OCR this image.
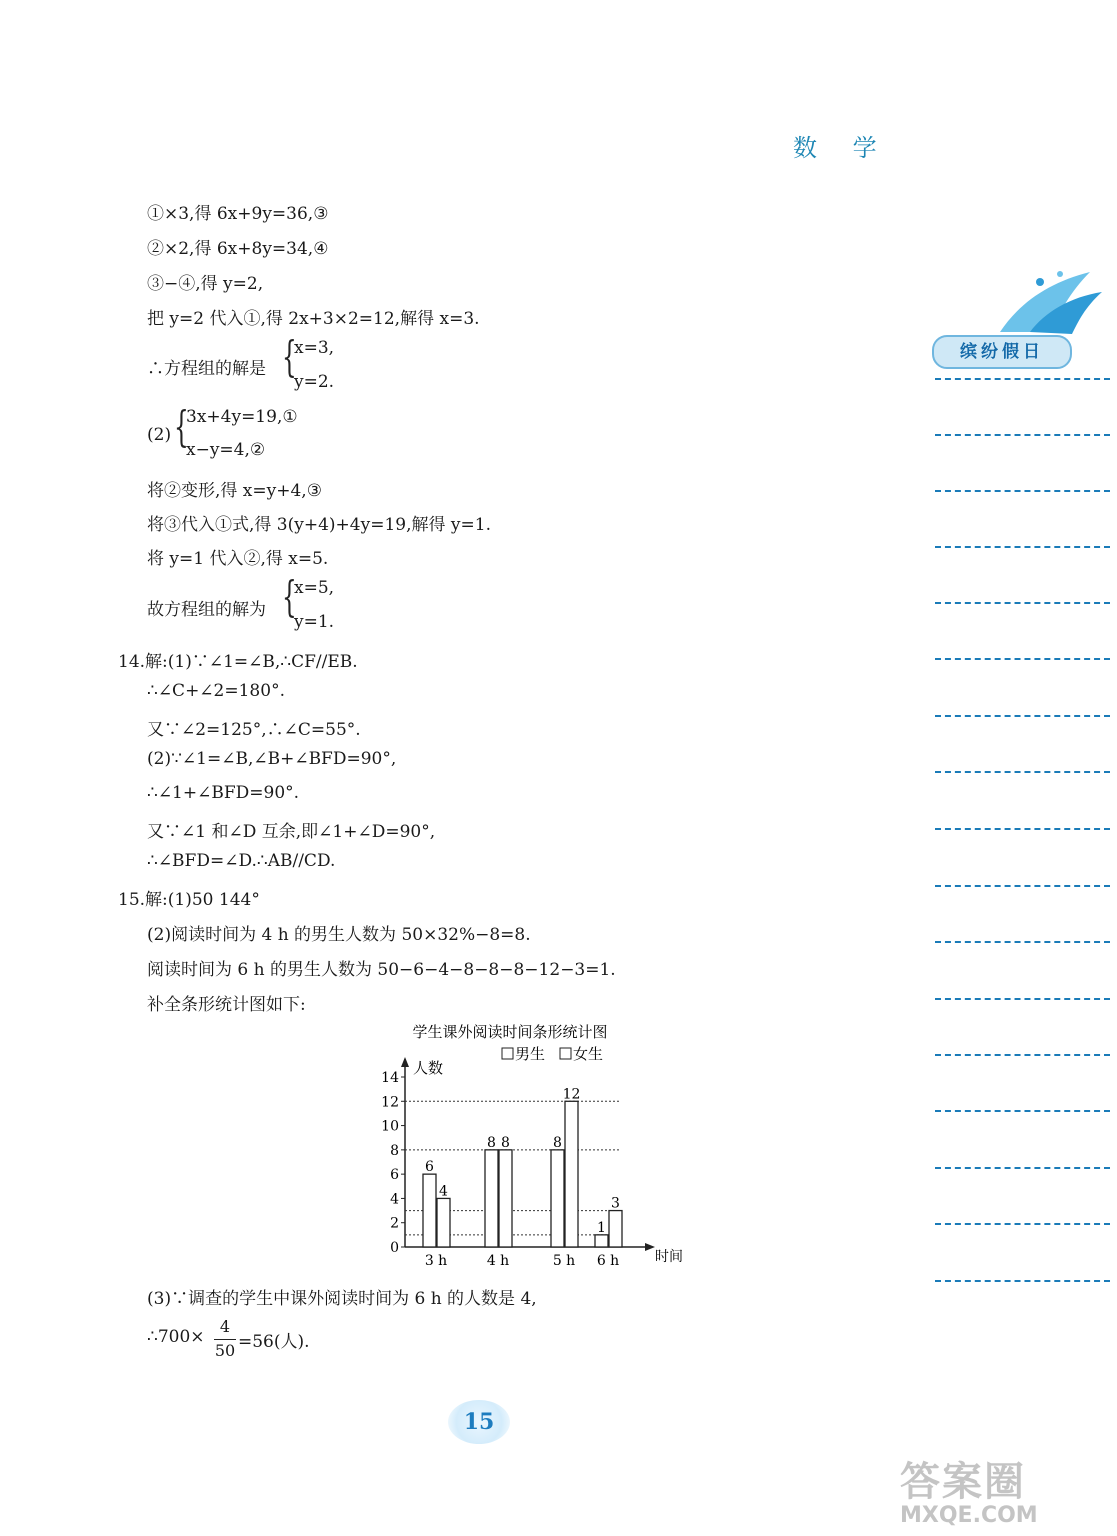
数 学
缤纷假日
①×3,得 6x+9y=36,③
②×2,得 6x+8y=34,④
③−④,得 y=2,
把 y=2 代入①,得 2x+3×2=12,解得 x=3.
∴方程组的解是 {
x=3,
y=2.
(2) {
3x+4y=19,①
x−y=4,②
将②变形,得 x=y+4,③
将③代入①式,得 3(y+4)+4y=19,解得 y=1.
将 y=1 代入②,得 x=5.
故方程组的解为 {
x=5,
y=1.
14.解:(1)∵∠1=∠B,∴CF//EB.
∴∠C+∠2=180°.
又∵∠2=125°,∴∠C=55°.
(2)∵∠1=∠B,∠B+∠BFD=90°,
∴∠1+∠BFD=90°.
又∵∠1 和∠D 互余,即∠1+∠D=90°,
∴∠BFD=∠D.∴AB//CD.
15.解:(1)50 144°
(2)阅读时间为 4 h 的男生人数为 50×32%−8=8.
阅读时间为 6 h 的男生人数为 50−6−4−8−8−8−12−3=1.
补全条形统计图如下:
学生课外阅读时间条形统计图
男生 女生
人数
时间
0
2
4
6
8
10
12
14
6
4
3 h
8 8
4 h
8
12
5 h
1
3
6 h
(3)∵调查的学生中课外阅读时间为 6 h 的人数是 4,
∴700×
4
50 =56(人).
15
答案圈
MXQE.COM
